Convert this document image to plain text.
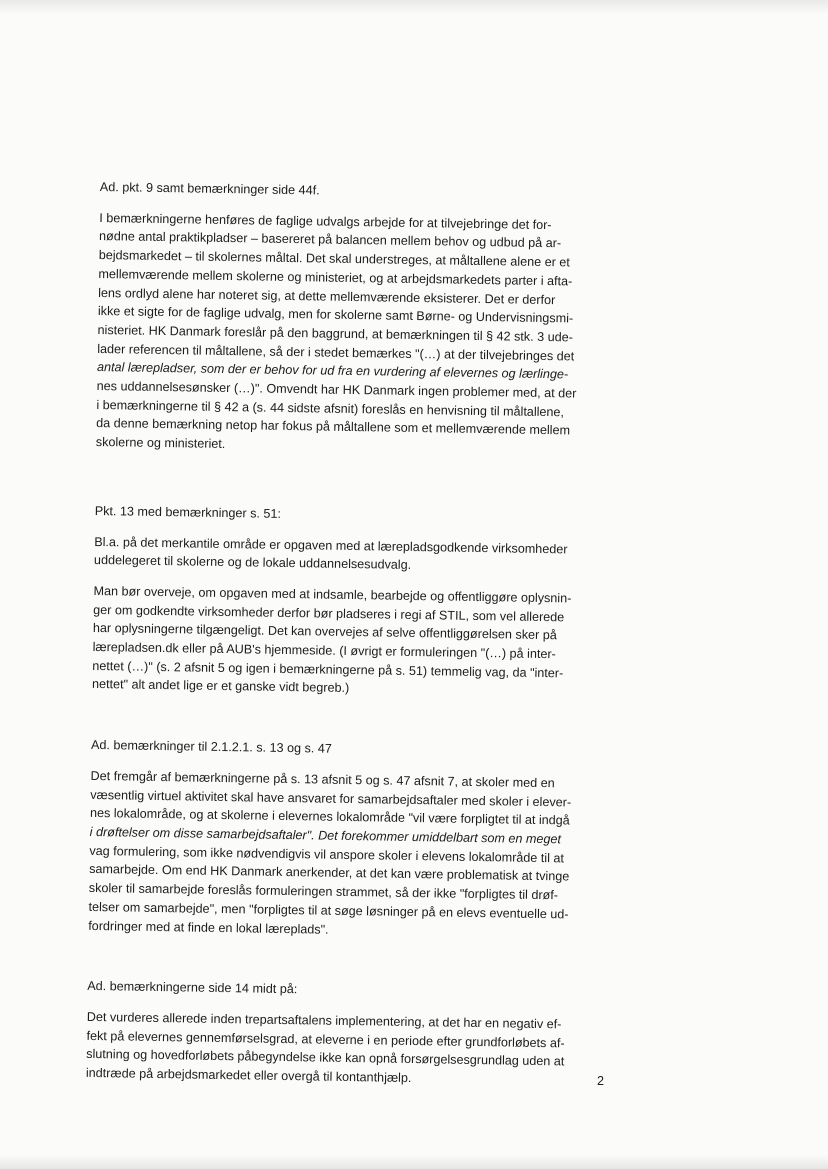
Ad. pkt. 9 samt bemærkninger side 44f.

I bemærkningerne henføres de faglige udvalgs arbejde for at tilvejebringe det for-
nødne antal praktikpladser – basereret på balancen mellem behov og udbud på ar-
bejdsmarkedet – til skolernes måltal. Det skal understreges, at måltallene alene er et
mellemværende mellem skolerne og ministeriet, og at arbejdsmarkedets parter i afta-
lens ordlyd alene har noteret sig, at dette mellemværende eksisterer. Det er derfor
ikke et sigte for de faglige udvalg, men for skolerne samt Børne- og Undervisningsmi-
nisteriet. HK Danmark foreslår på den baggrund, at bemærkningen til § 42 stk. 3 ude-
lader referencen til måltallene, så der i stedet bemærkes "(…) at der tilvejebringes det
antal lærepladser, som der er behov for ud fra en vurdering af elevernes og lærlinge-
nes uddannelsesønsker (…)". Omvendt har HK Danmark ingen problemer med, at der
i bemærkningerne til § 42 a (s. 44 sidste afsnit) foreslås en henvisning til måltallene,
da denne bemærkning netop har fokus på måltallene som et mellemværende mellem
skolerne og ministeriet.

Pkt. 13 med bemærkninger s. 51:

Bl.a. på det merkantile område er opgaven med at lærepladsgodkende virksomheder
uddelegeret til skolerne og de lokale uddannelsesudvalg.

Man bør overveje, om opgaven med at indsamle, bearbejde og offentliggøre oplysnin-
ger om godkendte virksomheder derfor bør pladseres i regi af STIL, som vel allerede
har oplysningerne tilgængeligt. Det kan overvejes af selve offentliggørelsen sker på
lærepladsen.dk eller på AUB's hjemmeside. (I øvrigt er formuleringen "(…) på inter-
nettet (…)" (s. 2 afsnit 5 og igen i bemærkningerne på s. 51) temmelig vag, da "inter-
nettet" alt andet lige er et ganske vidt begreb.)

Ad. bemærkninger til 2.1.2.1. s. 13 og s. 47

Det fremgår af bemærkningerne på s. 13 afsnit 5 og s. 47 afsnit 7, at skoler med en
væsentlig virtuel aktivitet skal have ansvaret for samarbejdsaftaler med skoler i elever-
nes lokalområde, og at skolerne i elevernes lokalområde "vil være forpligtet til at indgå
i drøftelser om disse samarbejdsaftaler". Det forekommer umiddelbart som en meget
vag formulering, som ikke nødvendigvis vil anspore skoler i elevens lokalområde til at
samarbejde. Om end HK Danmark anerkender, at det kan være problematisk at tvinge
skoler til samarbejde foreslås formuleringen strammet, så der ikke "forpligtes til drøf-
telser om samarbejde", men "forpligtes til at søge løsninger på en elevs eventuelle ud-
fordringer med at finde en lokal læreplads".

Ad. bemærkningerne side 14 midt på:

Det vurderes allerede inden trepartsaftalens implementering, at det har en negativ ef-
fekt på elevernes gennemførselsgrad, at eleverne i en periode efter grundforløbets af-
slutning og hovedforløbets påbegyndelse ikke kan opnå forsørgelsesgrundlag uden at
indtræde på arbejdsmarkedet eller overgå til kontanthjælp.	2
